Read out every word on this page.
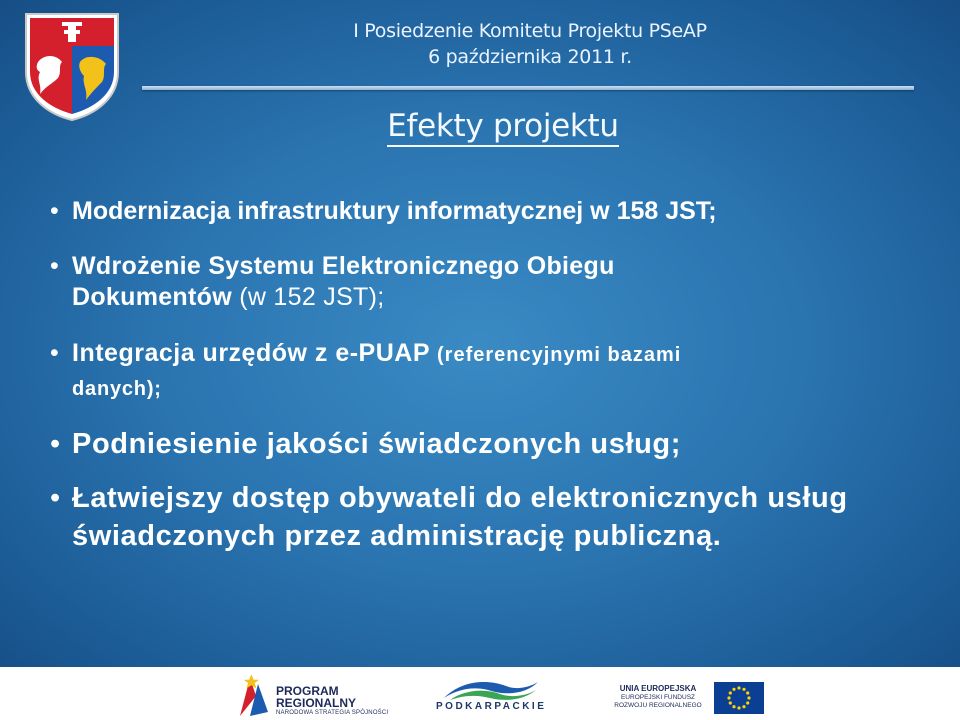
I Posiedzenie Komitetu Projektu PSeAP
6 października 2011 r.
Efekty projektu
• Modernizacja infrastruktury informatycznej w 158 JST;
• Wdrożenie Systemu Elektronicznego Obiegu
Dokumentów (w 152 JST);
• Integracja urzędów z e-PUAP (referencyjnymi bazami
danych);
• Podniesienie jakości świadczonych usług;
• Łatwiejszy dostęp obywateli do elektronicznych usług
świadczonych przez administrację publiczną.
PROGRAM
REGIONALNY
NARODOWA STRATEGIA SPÓJNOŚCI
PODKARPACKIE
UNIA EUROPEJSKA
EUROPEJSKI FUNDUSZ
ROZWOJU REGIONALNEGO
